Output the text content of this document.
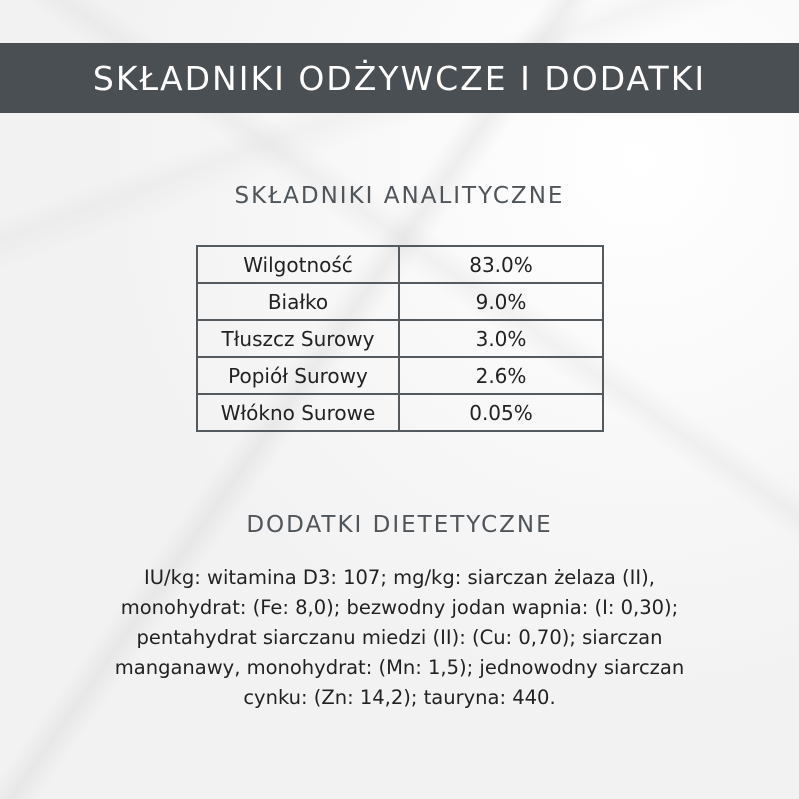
SKŁADNIKI ODŻYWCZE I DODATKI
SKŁADNIKI ANALITYCZNE
Wilgotność	83.0%
Białko	9.0%
Tłuszcz Surowy	3.0%
Popiół Surowy	2.6%
Włókno Surowe	0.05%
DODATKI DIETETYCZNE
IU/kg: witamina D3: 107; mg/kg: siarczan żelaza (II),
monohydrat: (Fe: 8,0); bezwodny jodan wapnia: (I: 0,30);
pentahydrat siarczanu miedzi (II): (Cu: 0,70); siarczan
manganawy, monohydrat: (Mn: 1,5); jednowodny siarczan
cynku: (Zn: 14,2); tauryna: 440.
